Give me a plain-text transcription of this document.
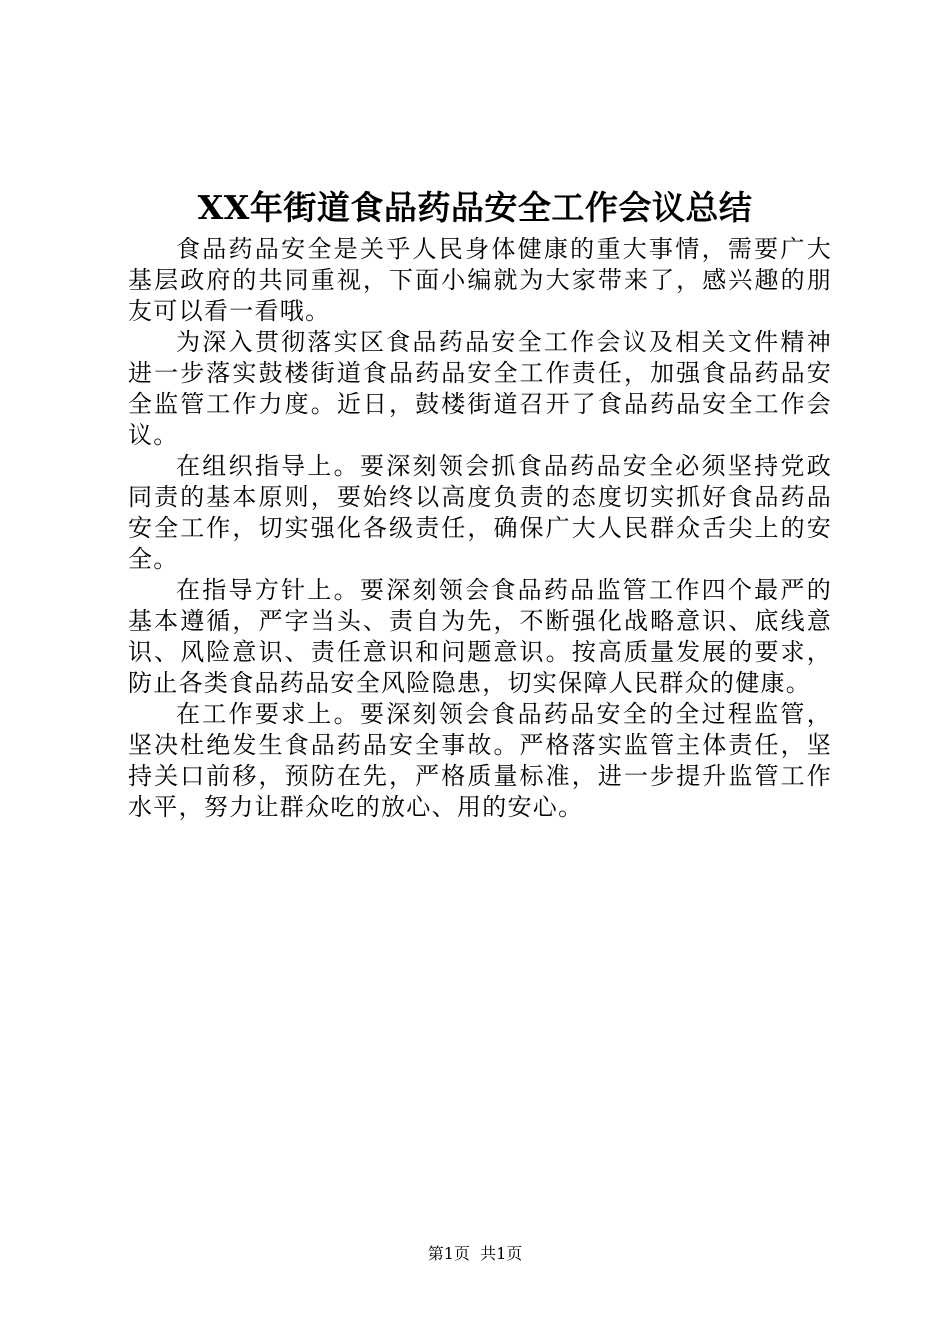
XX年街道食品药品安全工作会议总结

食品药品安全是关乎人民身体健康的重大事情，需要广大基层政府的共同重视，下面小编就为大家带来了，感兴趣的朋友可以看一看哦。

为深入贯彻落实区食品药品安全工作会议及相关文件精神进一步落实鼓楼街道食品药品安全工作责任，加强食品药品安全监管工作力度。近日，鼓楼街道召开了食品药品安全工作会议。

在组织指导上。要深刻领会抓食品药品安全必须坚持党政同责的基本原则，要始终以高度负责的态度切实抓好食品药品安全工作，切实强化各级责任，确保广大人民群众舌尖上的安全。

在指导方针上。要深刻领会食品药品监管工作四个最严的基本遵循，严字当头、责自为先，不断强化战略意识、底线意识、风险意识、责任意识和问题意识。按高质量发展的要求，防止各类食品药品安全风险隐患，切实保障人民群众的健康。

在工作要求上。要深刻领会食品药品安全的全过程监管，坚决杜绝发生食品药品安全事故。严格落实监管主体责任，坚持关口前移，预防在先，严格质量标准，进一步提升监管工作水平，努力让群众吃的放心、用的安心。

第1页 共1页
